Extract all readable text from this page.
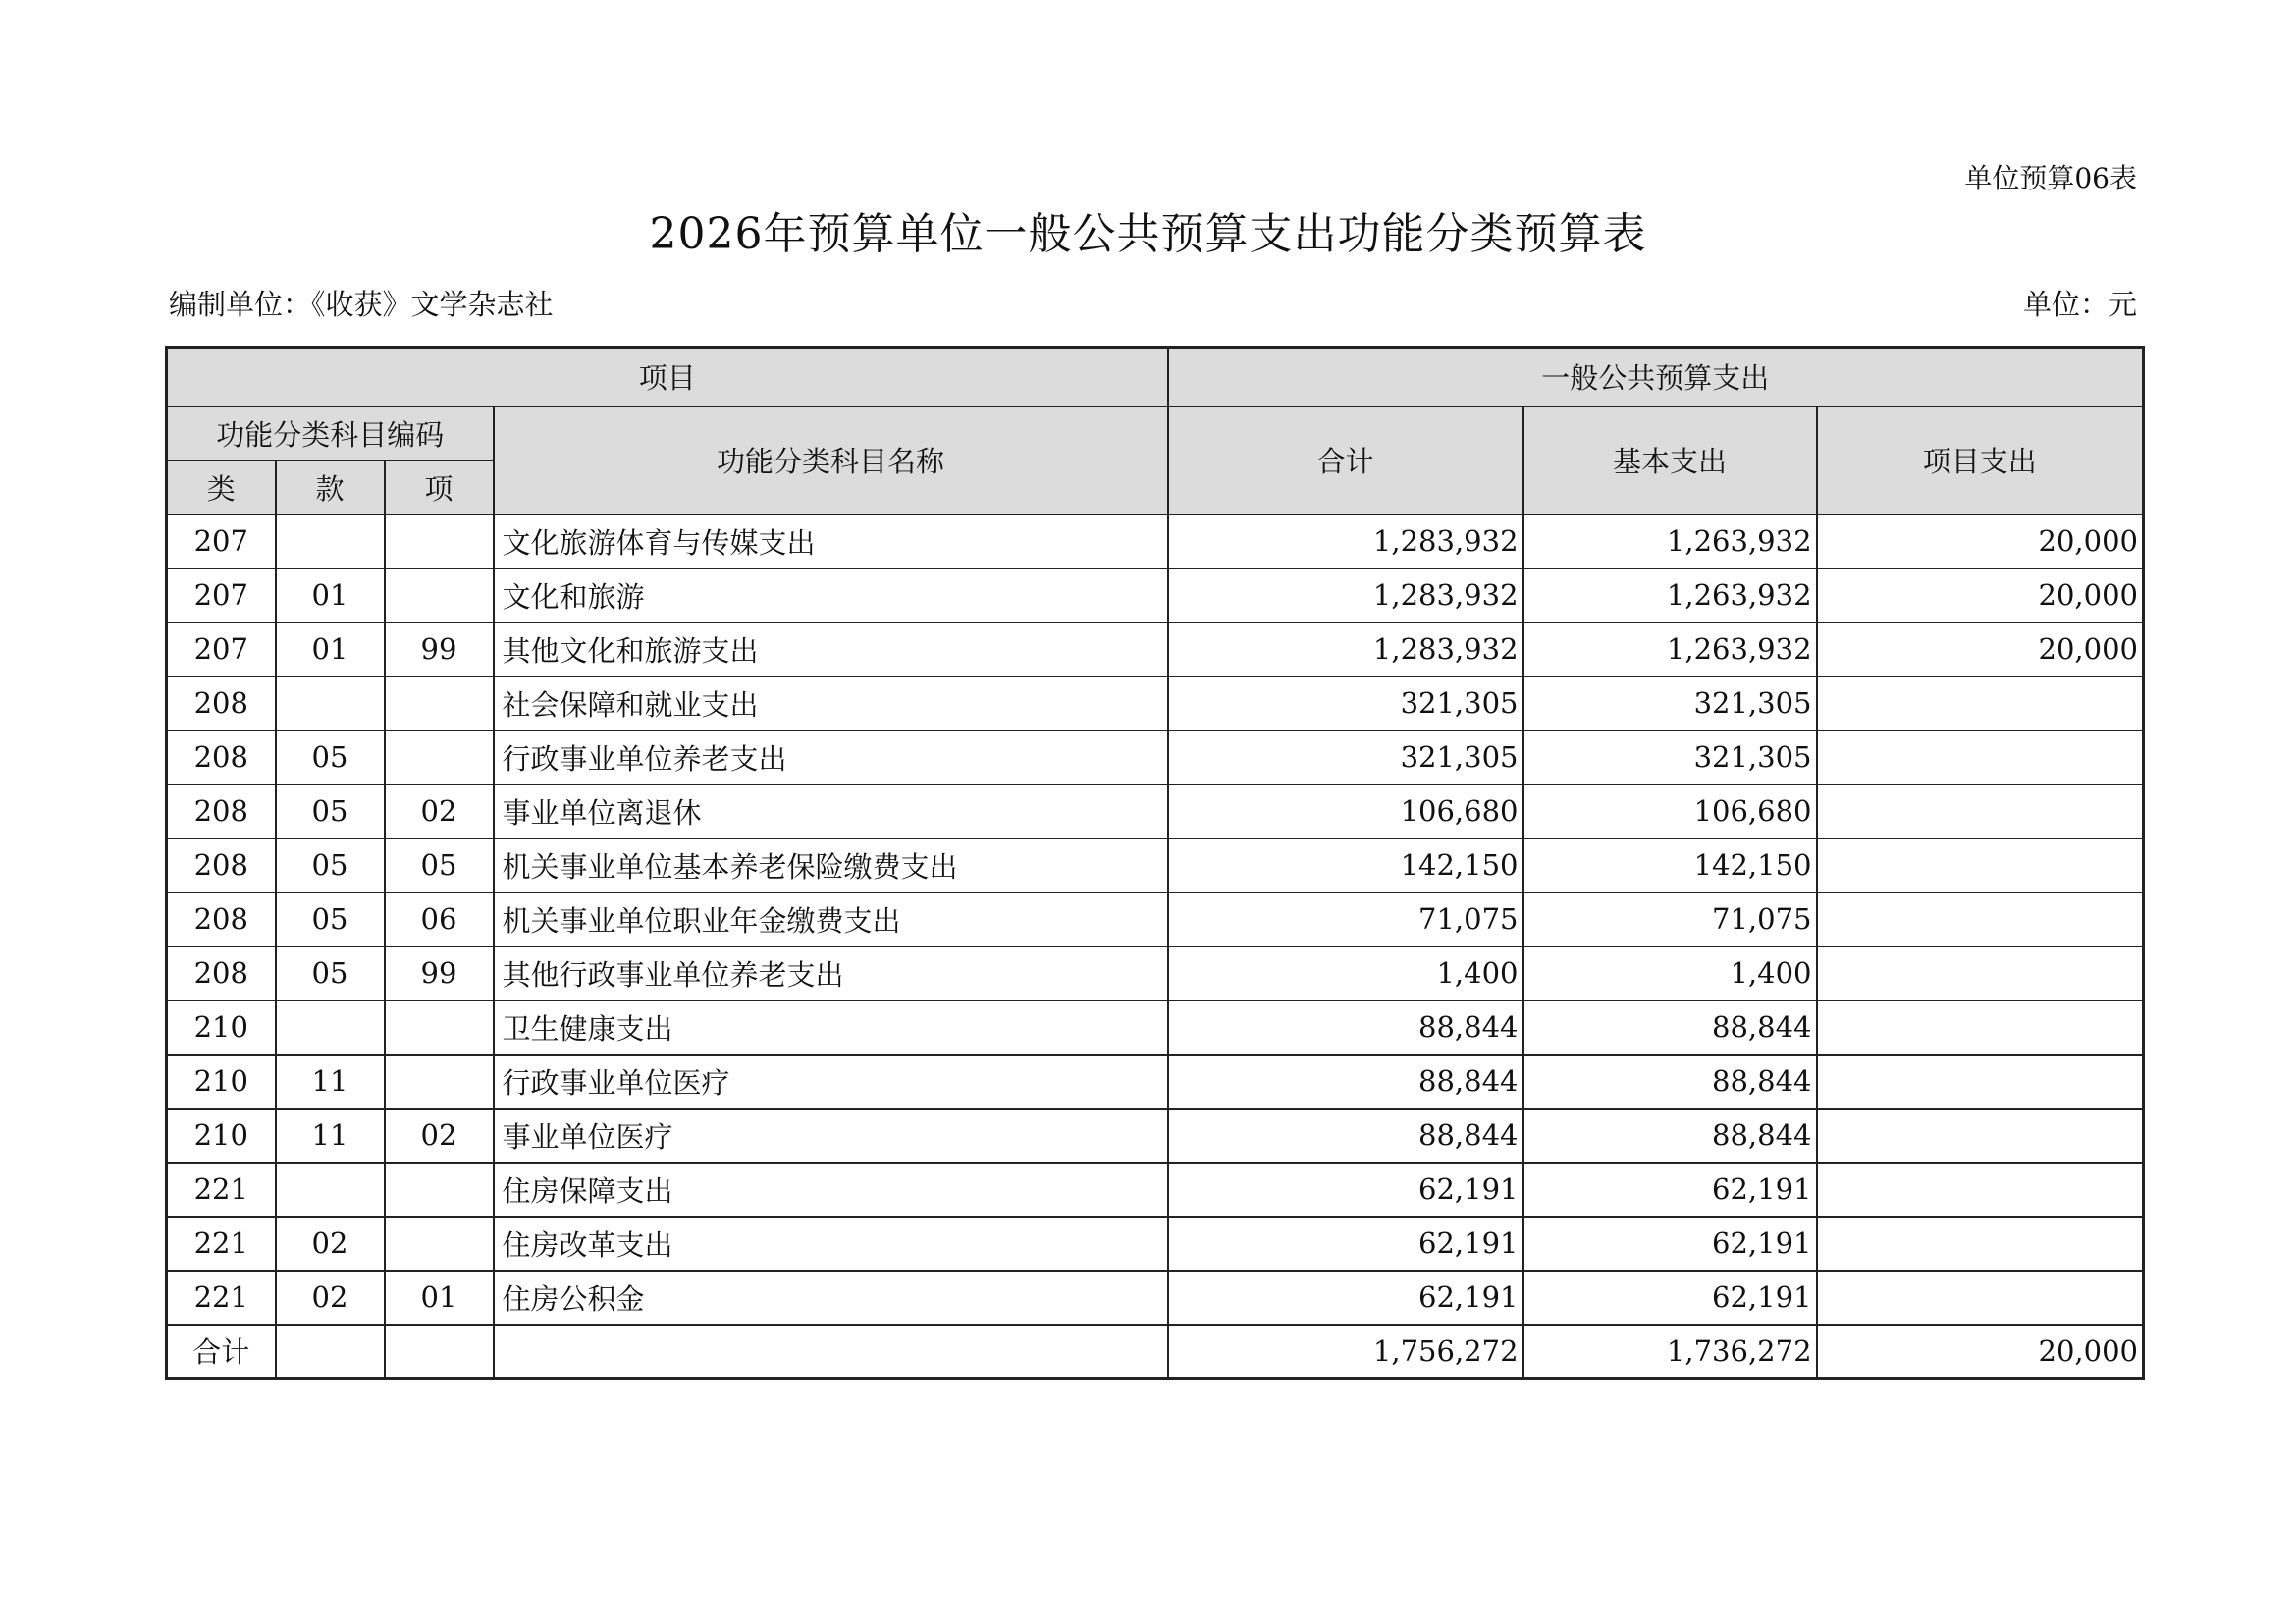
单位预算06表
2026年预算单位一般公共预算支出功能分类预算表
编制单位：《收获》文学杂志社	单位：元
项目				一般公共预算支出		
功能分类科目编码			功能分类科目名称	合计	基本支出	项目支出
类	款	项				
207			文化旅游体育与传媒支出	1,283,932	1,263,932	20,000
207	01		文化和旅游	1,283,932	1,263,932	20,000
207	01	99	其他文化和旅游支出	1,283,932	1,263,932	20,000
208			社会保障和就业支出	321,305	321,305	
208	05		行政事业单位养老支出	321,305	321,305	
208	05	02	事业单位离退休	106,680	106,680	
208	05	05	机关事业单位基本养老保险缴费支出	142,150	142,150	
208	05	06	机关事业单位职业年金缴费支出	71,075	71,075	
208	05	99	其他行政事业单位养老支出	1,400	1,400	
210			卫生健康支出	88,844	88,844	
210	11		行政事业单位医疗	88,844	88,844	
210	11	02	事业单位医疗	88,844	88,844	
221			住房保障支出	62,191	62,191	
221	02		住房改革支出	62,191	62,191	
221	02	01	住房公积金	62,191	62,191	
合计				1,756,272	1,736,272	20,000
